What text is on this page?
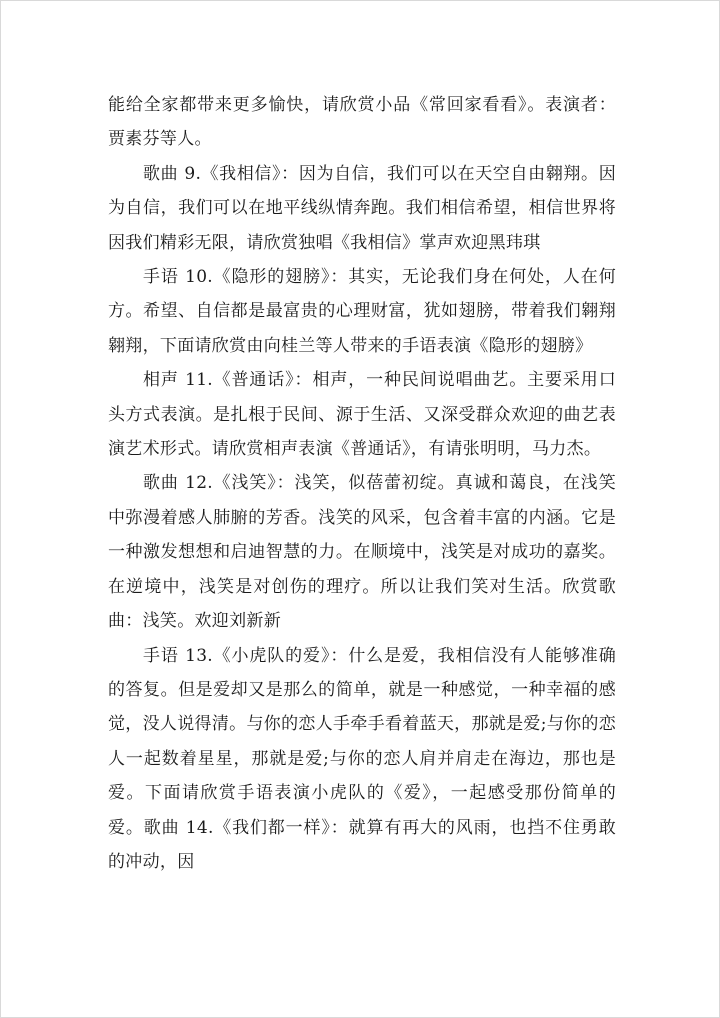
能给全家都带来更多愉快，请欣赏小品《常回家看看》。表演者：贾素芬等人。

歌曲 9.《我相信》：因为自信，我们可以在天空自由翱翔。因为自信，我们可以在地平线纵情奔跑。我们相信希望，相信世界将因我们精彩无限，请欣赏独唱《我相信》掌声欢迎黑玮琪

手语 10.《隐形的翅膀》：其实，无论我们身在何处，人在何方。希望、自信都是最富贵的心理财富，犹如翅膀，带着我们翱翔翱翔，下面请欣赏由向桂兰等人带来的手语表演《隐形的翅膀》

相声 11.《普通话》：相声，一种民间说唱曲艺。主要采用口头方式表演。是扎根于民间、源于生活、又深受群众欢迎的曲艺表演艺术形式。请欣赏相声表演《普通话》，有请张明明，马力杰。

歌曲 12.《浅笑》：浅笑，似蓓蕾初绽。真诚和蔼良，在浅笑中弥漫着感人肺腑的芳香。浅笑的风采，包含着丰富的内涵。它是一种激发想想和启迪智慧的力。在顺境中，浅笑是对成功的嘉奖。在逆境中，浅笑是对创伤的理疗。所以让我们笑对生活。欣赏歌曲：浅笑。欢迎刘新新

手语 13.《小虎队的爱》：什么是爱，我相信没有人能够准确的答复。但是爱却又是那么的简单，就是一种感觉，一种幸福的感觉，没人说得清。与你的恋人手牵手看着蓝天，那就是爱;与你的恋人一起数着星星，那就是爱;与你的恋人肩并肩走在海边，那也是爱。下面请欣赏手语表演小虎队的《爱》，一起感受那份简单的爱。歌曲 14.《我们都一样》：就算有再大的风雨，也挡不住勇敢的冲动，因
